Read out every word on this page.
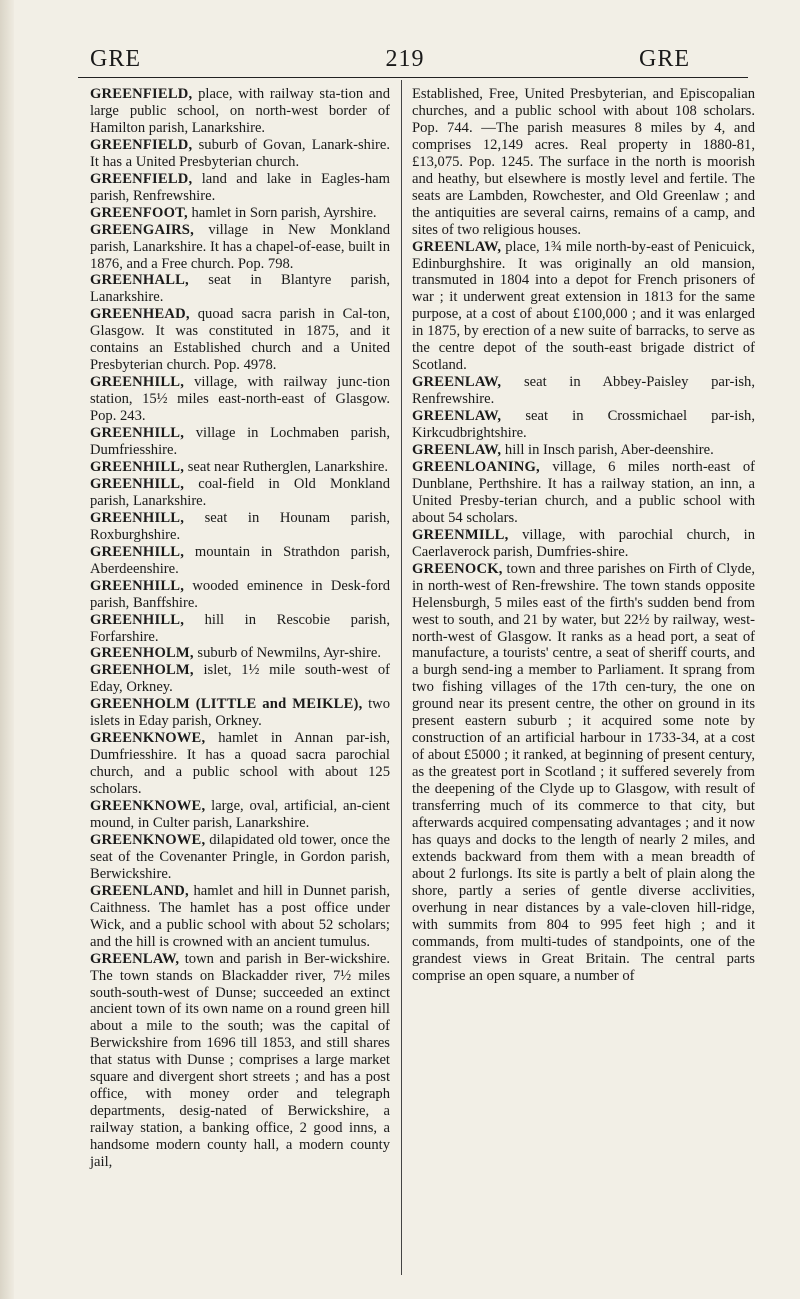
GRE	219	GRE

GREENFIELD, place, with railway sta-tion and large public school, on north-west border of Hamilton parish, Lanarkshire.

GREENFIELD, suburb of Govan, Lanark-shire. It has a United Presbyterian church.

GREENFIELD, land and lake in Eagles-ham parish, Renfrewshire.

GREENFOOT, hamlet in Sorn parish, Ayrshire.

GREENGAIRS, village in New Monkland parish, Lanarkshire. It has a chapel-of-ease, built in 1876, and a Free church. Pop. 798.

GREENHALL, seat in Blantyre parish, Lanarkshire.

GREENHEAD, quoad sacra parish in Cal-ton, Glasgow. It was constituted in 1875, and it contains an Established church and a United Presbyterian church. Pop. 4978.

GREENHILL, village, with railway junc-tion station, 15½ miles east-north-east of Glasgow. Pop. 243.

GREENHILL, village in Lochmaben parish, Dumfriesshire.

GREENHILL, seat near Rutherglen, Lanarkshire.

GREENHILL, coal-field in Old Monkland parish, Lanarkshire.

GREENHILL, seat in Hounam parish, Roxburghshire.

GREENHILL, mountain in Strathdon parish, Aberdeenshire.

GREENHILL, wooded eminence in Desk-ford parish, Banffshire.

GREENHILL, hill in Rescobie parish, Forfarshire.

GREENHOLM, suburb of Newmilns, Ayr-shire.

GREENHOLM, islet, 1½ mile south-west of Eday, Orkney.

GREENHOLM (LITTLE and MEIKLE), two islets in Eday parish, Orkney.

GREENKNOWE, hamlet in Annan par-ish, Dumfriesshire. It has a quoad sacra parochial church, and a public school with about 125 scholars.

GREENKNOWE, large, oval, artificial, an-cient mound, in Culter parish, Lanarkshire.

GREENKNOWE, dilapidated old tower, once the seat of the Covenanter Pringle, in Gordon parish, Berwickshire.

GREENLAND, hamlet and hill in Dunnet parish, Caithness. The hamlet has a post office under Wick, and a public school with about 52 scholars; and the hill is crowned with an ancient tumulus.

GREENLAW, town and parish in Ber-wickshire. The town stands on Blackadder river, 7½ miles south-south-west of Dunse; succeeded an extinct ancient town of its own name on a round green hill about a mile to the south; was the capital of Berwickshire from 1696 till 1853, and still shares that status with Dunse ; comprises a large market square and divergent short streets ; and has a post office, with money order and telegraph departments, desig-nated of Berwickshire, a railway station, a banking office, 2 good inns, a handsome modern county hall, a modern county jail,

Established, Free, United Presbyterian, and Episcopalian churches, and a public school with about 108 scholars. Pop. 744. —The parish measures 8 miles by 4, and comprises 12,149 acres. Real property in 1880-81, £13,075. Pop. 1245. The surface in the north is moorish and heathy, but elsewhere is mostly level and fertile. The seats are Lambden, Rowchester, and Old Greenlaw ; and the antiquities are several cairns, remains of a camp, and sites of two religious houses.

GREENLAW, place, 1¾ mile north-by-east of Penicuick, Edinburghshire. It was originally an old mansion, transmuted in 1804 into a depot for French prisoners of war ; it underwent great extension in 1813 for the same purpose, at a cost of about £100,000 ; and it was enlarged in 1875, by erection of a new suite of barracks, to serve as the centre depot of the south-east brigade district of Scotland.

GREENLAW, seat in Abbey-Paisley par-ish, Renfrewshire.

GREENLAW, seat in Crossmichael par-ish, Kirkcudbrightshire.

GREENLAW, hill in Insch parish, Aber-deenshire.

GREENLOANING, village, 6 miles north-east of Dunblane, Perthshire. It has a railway station, an inn, a United Presby-terian church, and a public school with about 54 scholars.

GREENMILL, village, with parochial church, in Caerlaverock parish, Dumfries-shire.

GREENOCK, town and three parishes on Firth of Clyde, in north-west of Ren-frewshire. The town stands opposite Helensburgh, 5 miles east of the firth's sudden bend from west to south, and 21 by water, but 22½ by railway, west-north-west of Glasgow. It ranks as a head port, a seat of manufacture, a tourists' centre, a seat of sheriff courts, and a burgh send-ing a member to Parliament. It sprang from two fishing villages of the 17th cen-tury, the one on ground near its present centre, the other on ground in its present eastern suburb ; it acquired some note by construction of an artificial harbour in 1733-34, at a cost of about £5000 ; it ranked, at beginning of present century, as the greatest port in Scotland ; it suffered severely from the deepening of the Clyde up to Glasgow, with result of transferring much of its commerce to that city, but afterwards acquired compensating advantages ; and it now has quays and docks to the length of nearly 2 miles, and extends backward from them with a mean breadth of about 2 furlongs. Its site is partly a belt of plain along the shore, partly a series of gentle diverse acclivities, overhung in near distances by a vale-cloven hill-ridge, with summits from 804 to 995 feet high ; and it commands, from multi-tudes of standpoints, one of the grandest views in Great Britain. The central parts comprise an open square, a number of
